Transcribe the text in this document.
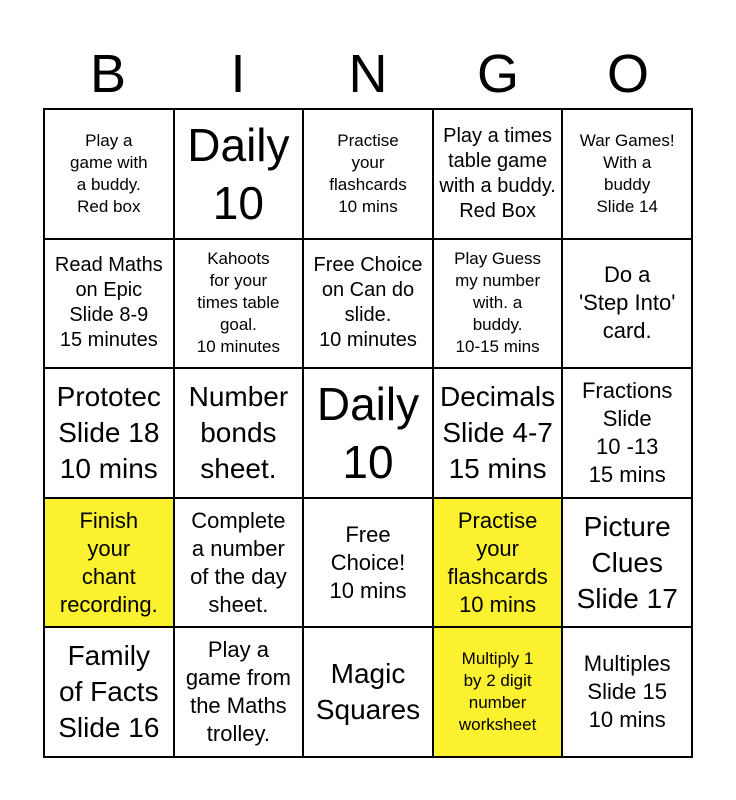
B	I	N	G	O
Play a
game with
a buddy.
Red box
Daily
10
Practise
your
flashcards
10 mins
Play a times
table game
with a buddy.
Red Box
War Games!
With a
buddy
Slide 14
Read Maths
on Epic
Slide 8-9
15 minutes
Kahoots
for your
times table
goal.
10 minutes
Free Choice
on Can do
slide.
10 minutes
Play Guess
my number
with. a
buddy.
10-15 mins
Do a
'Step Into'
card.
Prototec
Slide 18
10 mins
Number
bonds
sheet.
Daily
10
Decimals
Slide 4-7
15 mins
Fractions
Slide
10 -13
15 mins
Finish
your
chant
recording.
Complete
a number
of the day
sheet.
Free
Choice!
10 mins
Practise
your
flashcards
10 mins
Picture
Clues
Slide 17
Family
of Facts
Slide 16
Play a
game from
the Maths
trolley.
Magic
Squares
Multiply 1
by 2 digit
number
worksheet
Multiples
Slide 15
10 mins
